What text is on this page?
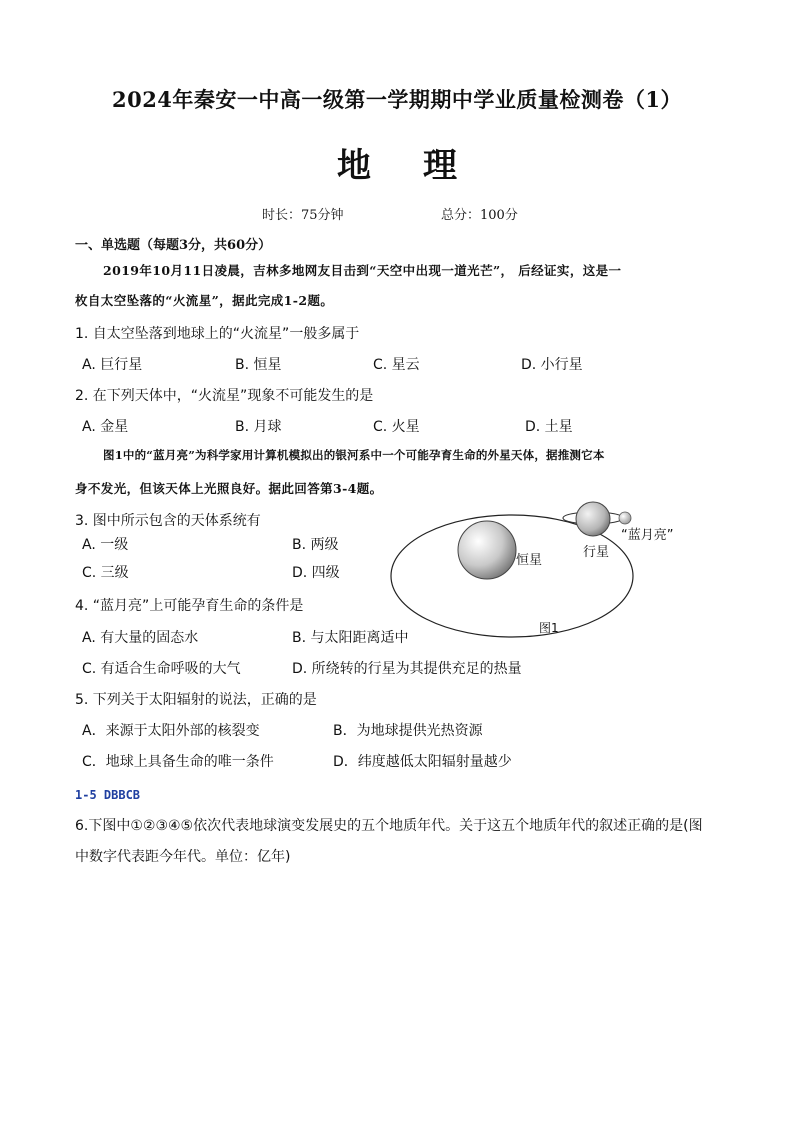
2024年秦安一中高一级第一学期期中学业质量检测卷（1）
地理
时长：75分钟	总分：100分
一、单选题（每题3分，共60分）
2019年10月11日凌晨，吉林多地网友目击到“天空中出现一道光芒”， 后经证实，这是一
枚自太空坠落的“火流星”，据此完成1-2题。
1. 自太空坠落到地球上的“火流星”一般多属于
A. 巨行星	B. 恒星	C. 星云	D. 小行星
2. 在下列天体中，“火流星”现象不可能发生的是
A. 金星	B. 月球	C. 火星	D. 土星
图1中的“蓝月亮”为科学家用计算机模拟出的银河系中一个可能孕育生命的外星天体，据推测它本
身不发光，但该天体上光照良好。据此回答第3-4题。
3. 图中所示包含的天体系统有
A. 一级	B. 两级
C. 三级	D. 四级
4. “蓝月亮”上可能孕育生命的条件是
A. 有大量的固态水	B. 与太阳距离适中
C. 有适合生命呼吸的大气	D. 所绕转的行星为其提供充足的热量
5. 下列关于太阳辐射的说法，正确的是
A．来源于太阳外部的核裂变	B．为地球提供光热资源
C．地球上具备生命的唯一条件	D．纬度越低太阳辐射量越少
恒星
行星
“蓝月亮”
图1
1-5 DBBCB
6.下图中①②③④⑤依次代表地球演变发展史的五个地质年代。关于这五个地质年代的叙述正确的是(图
中数字代表距今年代。单位：亿年)
